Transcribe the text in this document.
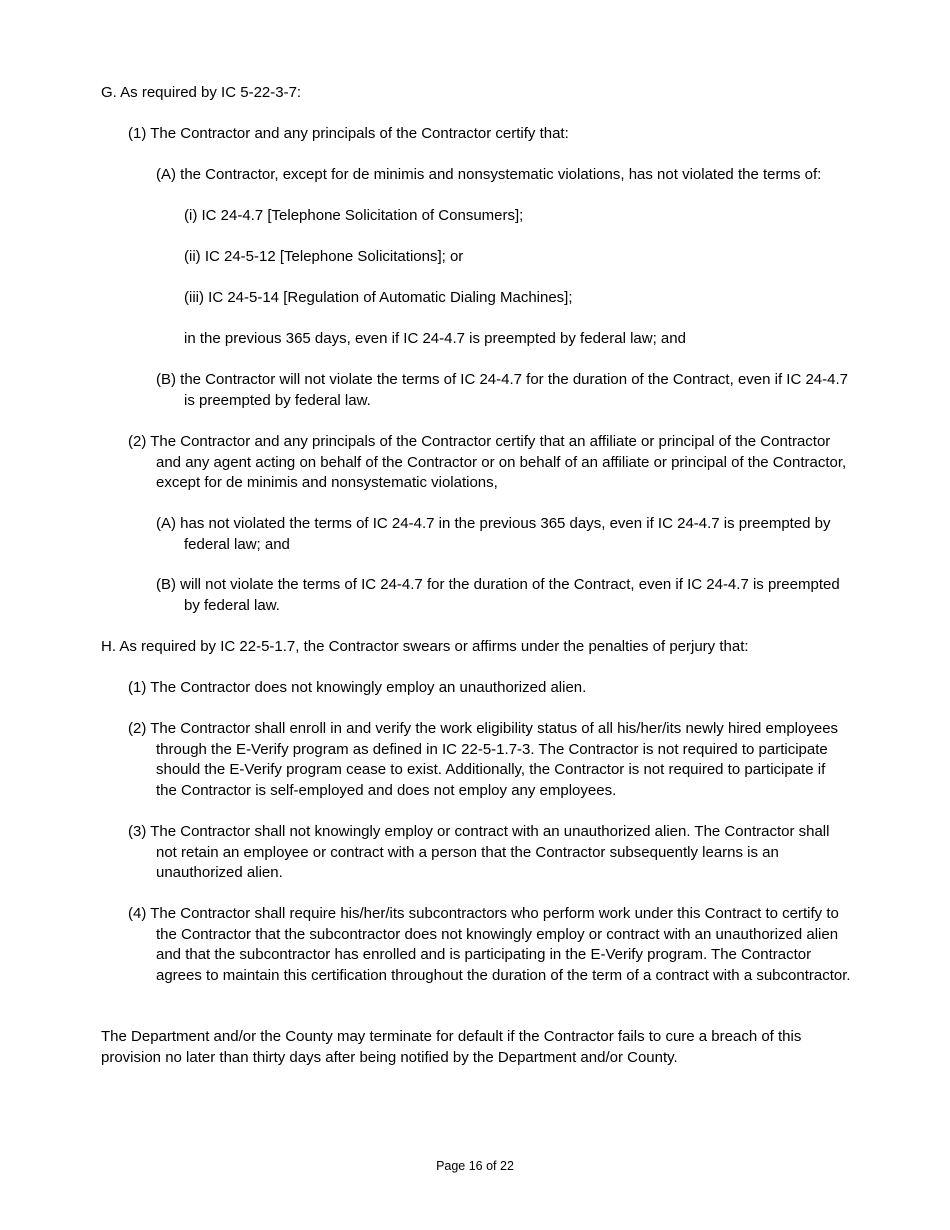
G. As required by IC 5-22-3-7:

(1) The Contractor and any principals of the Contractor certify that:

(A) the Contractor, except for de minimis and nonsystematic violations, has not violated the terms of:

(i) IC 24-4.7 [Telephone Solicitation of Consumers];

(ii) IC 24-5-12 [Telephone Solicitations]; or

(iii) IC 24-5-14 [Regulation of Automatic Dialing Machines];

in the previous 365 days, even if IC 24-4.7 is preempted by federal law; and

(B) the Contractor will not violate the terms of IC 24-4.7 for the duration of the Contract, even if IC 24-4.7 is preempted by federal law.

(2) The Contractor and any principals of the Contractor certify that an affiliate or principal of the Contractor and any agent acting on behalf of the Contractor or on behalf of an affiliate or principal of the Contractor, except for de minimis and nonsystematic violations,

(A) has not violated the terms of IC 24-4.7 in the previous 365 days, even if IC 24-4.7 is preempted by federal law; and

(B) will not violate the terms of IC 24-4.7 for the duration of the Contract, even if IC 24-4.7 is preempted by federal law.

H. As required by IC 22-5-1.7, the Contractor swears or affirms under the penalties of perjury that:

(1) The Contractor does not knowingly employ an unauthorized alien.

(2) The Contractor shall enroll in and verify the work eligibility status of all his/her/its newly hired employees through the E-Verify program as defined in IC 22-5-1.7-3. The Contractor is not required to participate should the E-Verify program cease to exist. Additionally, the Contractor is not required to participate if the Contractor is self-employed and does not employ any employees.

(3) The Contractor shall not knowingly employ or contract with an unauthorized alien. The Contractor shall not retain an employee or contract with a person that the Contractor subsequently learns is an unauthorized alien.

(4) The Contractor shall require his/her/its subcontractors who perform work under this Contract to certify to the Contractor that the subcontractor does not knowingly employ or contract with an unauthorized alien and that the subcontractor has enrolled and is participating in the E-Verify program. The Contractor agrees to maintain this certification throughout the duration of the term of a contract with a subcontractor.

The Department and/or the County may terminate for default if the Contractor fails to cure a breach of this provision no later than thirty days after being notified by the Department and/or County.

Page 16 of 22
